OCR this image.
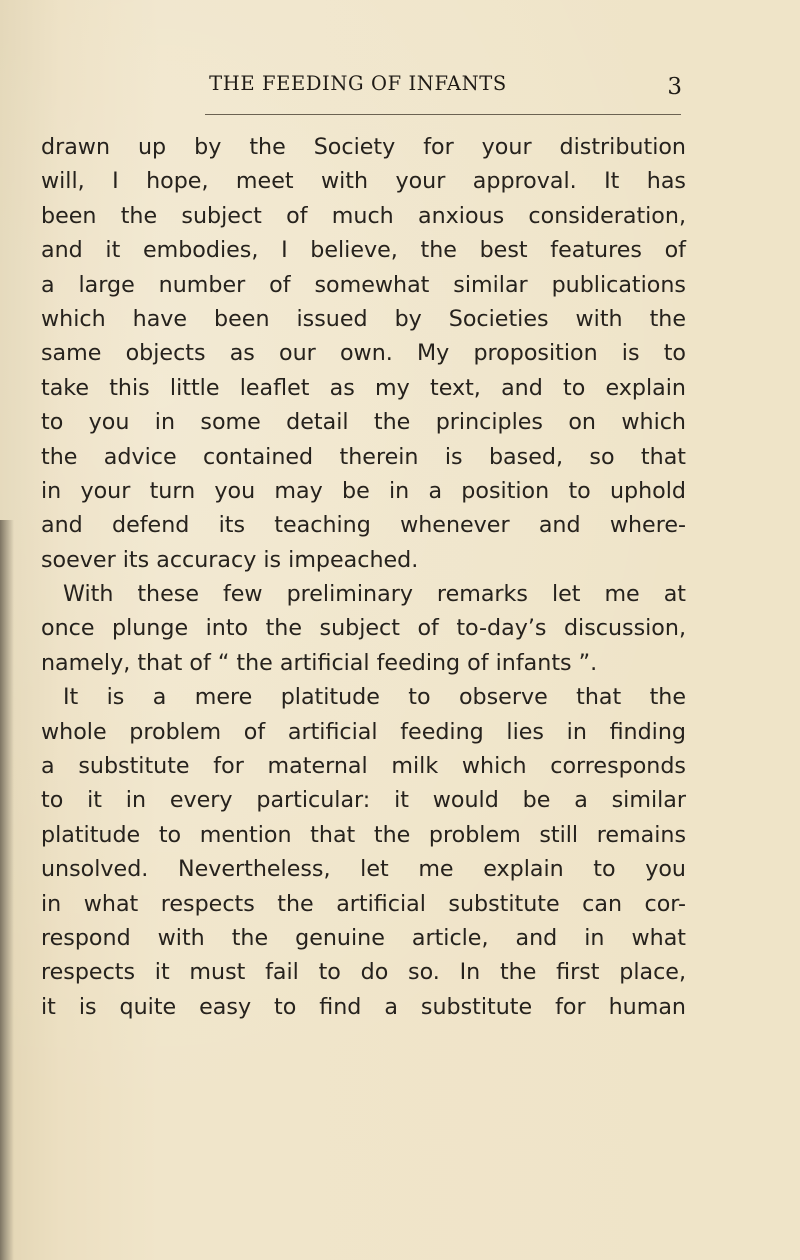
THE FEEDING OF INFANTS	3
drawn up by the Society for your distribution
will, I hope, meet with your approval. It has
been the subject of much anxious consideration,
and it embodies, I believe, the best features of
a large number of somewhat similar publications
which have been issued by Societies with the
same objects as our own. My proposition is to
take this little leaflet as my text, and to explain
to you in some detail the principles on which
the advice contained therein is based, so that
in your turn you may be in a position to uphold
and defend its teaching whenever and where-
soever its accuracy is impeached.
With these few preliminary remarks let me at
once plunge into the subject of to-day’s discussion,
namely, that of “ the artificial feeding of infants ”.
It is a mere platitude to observe that the
whole problem of artificial feeding lies in finding
a substitute for maternal milk which corresponds
to it in every particular: it would be a similar
platitude to mention that the problem still remains
unsolved. Nevertheless, let me explain to you
in what respects the artificial substitute can cor-
respond with the genuine article, and in what
respects it must fail to do so. In the first place,
it is quite easy to find a substitute for human
